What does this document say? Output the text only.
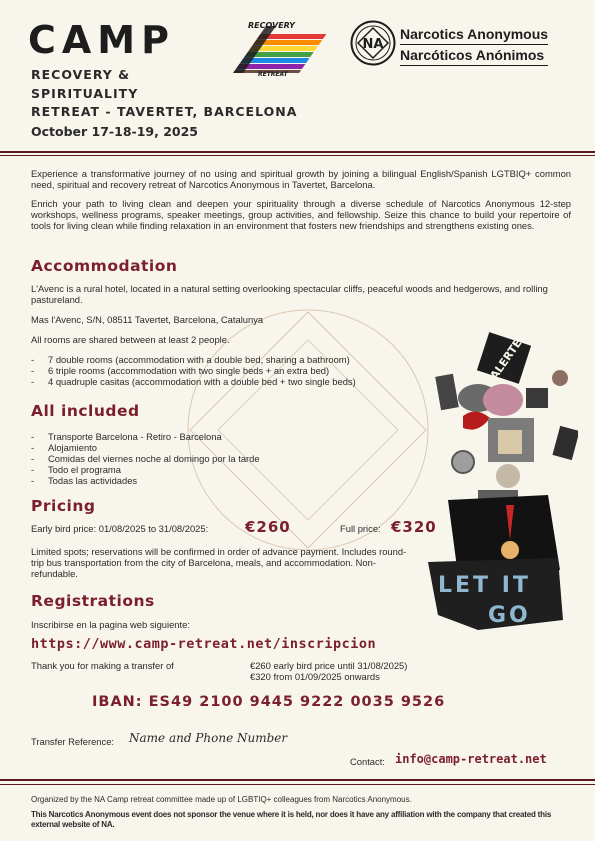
CAMP
RECOVERY &
SPIRITUALITY
RETREAT - TAVERTET, BARCELONA
October 17-18-19, 2025
RECOVERY
RETREAT
NA
Narcotics Anonymous
Narcóticos Anónimos

Experience a transformative journey of no using and spiritual growth by joining a bilingual English/Spanish LGTBIQ+ common need, spiritual and recovery retreat of Narcotics Anonymous in Tavertet, Barcelona.

Enrich your path to living clean and deepen your spirituality through a diverse schedule of Narcotics Anonymous 12-step workshops, wellness programs, speaker meetings, group activities, and fellowship. Seize this chance to build your repertoire of tools for living clean while finding relaxation in an environment that fosters new friendships and strengthens existing ones.

Accommodation
L'Avenc is a rural hotel, located in a natural setting overlooking spectacular cliffs, peaceful woods and hedgerows, and rolling pastureland.
Mas l'Avenc, S/N, 08511 Tavertet, Barcelona, Catalunya
All rooms are shared between at least 2 people.
- 7 double rooms (accommodation with a double bed, sharing a bathroom)
- 6 triple rooms (accommodation with two single beds + an extra bed)
- 4 quadruple casitas (accommodation with a double bed + two single beds)
All included
- Transporte Barcelona - Retiro - Barcelona
- Alojamiento
- Comidas del viernes noche al domingo por la tarde
- Todo el programa
- Todas las actividades
Pricing
Early bird price: 01/08/2025 to 31/08/2025: €260	Full price: €320
Limited spots; reservations will be confirmed in order of advance payment. Includes round-trip bus transportation from the city of Barcelona, meals, and accommodation. Non-refundable.
Registrations
Inscribirse en la pagina web siguiente:
https://www.camp-retreat.net/inscripcion
Thank you for making a transfer of	€260 early bird price until 31/08/2025)
€320 from 01/09/2025 onwards
IBAN: ES49 2100 9445 9222 0035 9526
Transfer Reference: Name and Phone Number
Contact: info@camp-retreat.net
ALERTE
LET IT
GO
Organized by the NA Camp retreat committee made up of LGBTIQ+ colleagues from Narcotics Anonymous.
This Narcotics Anonymous event does not sponsor the venue where it is held, nor does it have any affiliation with the company that created this external website of NA.
